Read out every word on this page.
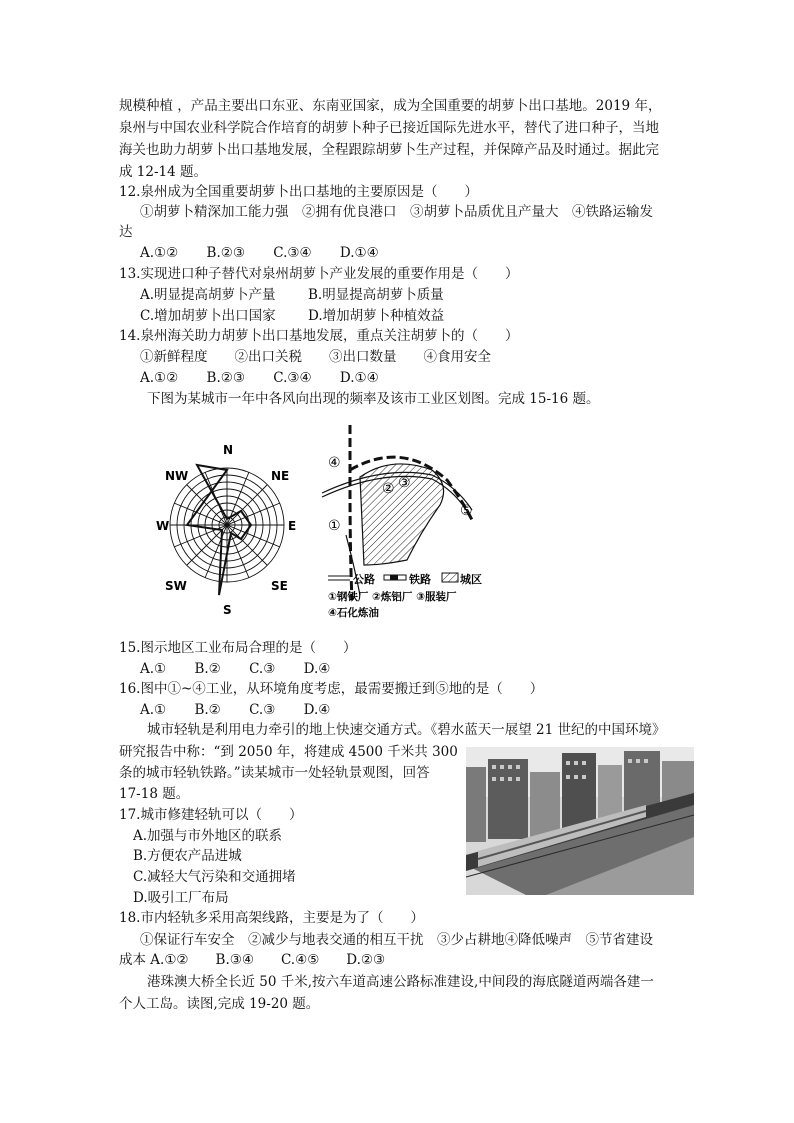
规模种植 ，产品主要出口东亚、东南亚国家，成为全国重要的胡萝卜出口基地。2019 年，
泉州与中国农业科学院合作培育的胡萝卜种子已接近国际先进水平，替代了进口种子，当地
海关也助力胡萝卜出口基地发展，全程跟踪胡萝卜生产过程，并保障产品及时通过。据此完
成 12-14 题。
12.泉州成为全国重要胡萝卜出口基地的主要原因是（　　）
①胡萝卜精深加工能力强　②拥有优良港口　③胡萝卜品质优且产量大　④铁路运输发
达
A.①② B.②③ C.③④ D.①④
13.实现进口种子替代对泉州胡萝卜产业发展的重要作用是（　　）
A.明显提高胡萝卜产量 B.明显提高胡萝卜质量
C.增加胡萝卜出口国家 D.增加胡萝卜种植效益
14.泉州海关助力胡萝卜出口基地发展，重点关注胡萝卜的（　　）
①新鲜程度　　②出口关税　　③出口数量　　④食用安全
A.①② B.②③ C.③④ D.①④
下图为某城市一年中各风向出现的频率及该市工业区划图。完成 15-16 题。
N
NE
E
SE
S
SW
W
NW
④
①
② ③
⑤
公路	铁路	城区
①钢铁厂 ②炼铝厂 ③服装厂
④石化炼油
15.图示地区工业布局合理的是（　　）
A.① B.② C.③ D.④
16.图中①~④工业，从环境角度考虑，最需要搬迁到⑤地的是（　　）
A.① B.② C.③ D.④
城市轻轨是利用电力牵引的地上快速交通方式。《碧水蓝天一展望 21 世纪的中国环境》
研究报告中称：“到 2050 年，将建成 4500 千米共 300
条的城市轻轨铁路。”读某城市一处轻轨景观图，回答
17-18 题。
17.城市修建轻轨可以（　　）
A.加强与市外地区的联系
B.方便农产品进城
C.减轻大气污染和交通拥堵
D.吸引工厂布局
18.市内轻轨多采用高架线路，主要是为了（　　）
①保证行车安全　②减少与地表交通的相互干扰　③少占耕地④降低噪声　⑤节省建设
成本 A.①②　　B.③④　　C.④⑤　　D.②③
港珠澳大桥全长近 50 千米,按六车道高速公路标准建设,中间段的海底隧道两端各建一
个人工岛。读图,完成 19-20 题。
